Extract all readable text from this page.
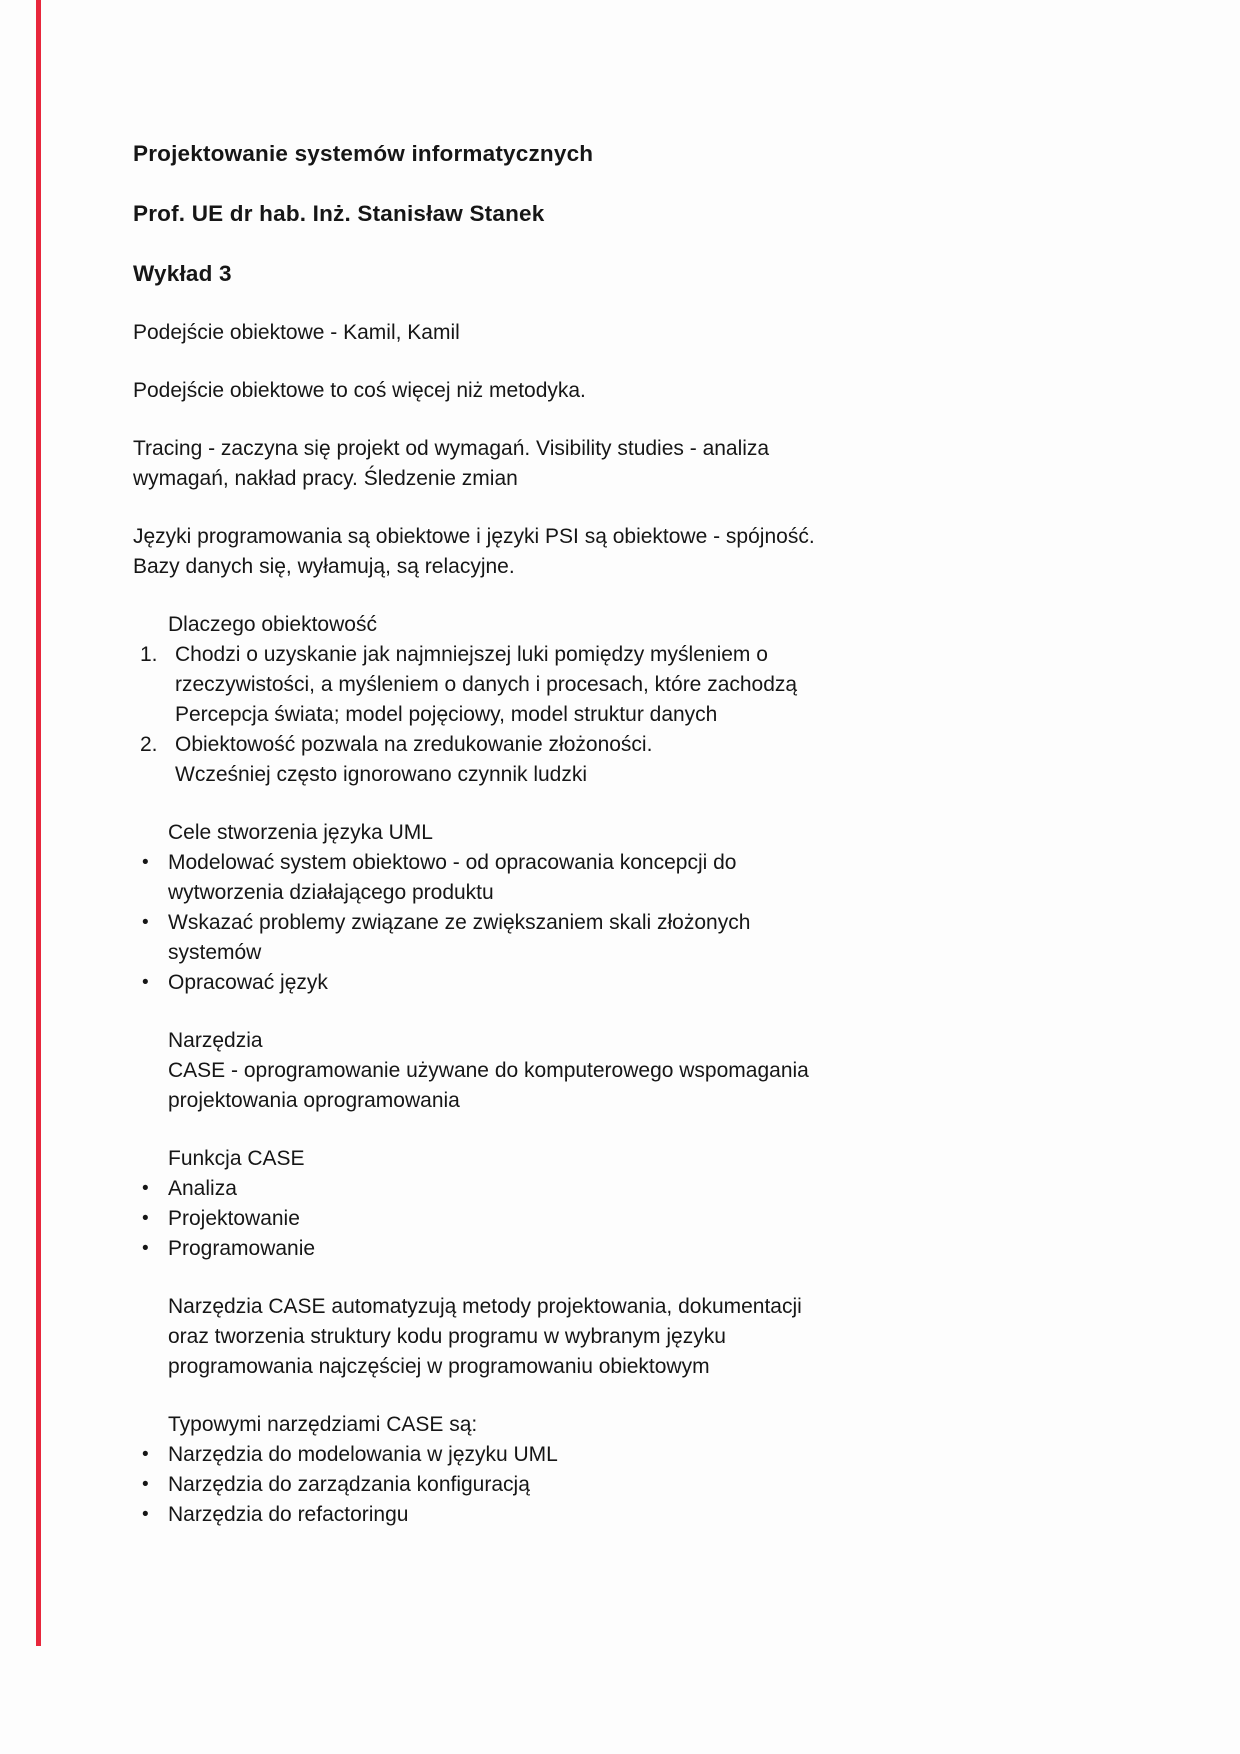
Projektowanie systemów informatycznych
Prof. UE dr hab. Inż. Stanisław Stanek
Wykład 3
Podejście obiektowe - Kamil, Kamil
Podejście obiektowe to coś więcej niż metodyka.
Tracing - zaczyna się projekt od wymagań. Visibility studies - analiza
wymagań, nakład pracy. Śledzenie zmian
Języki programowania są obiektowe i języki PSI są obiektowe - spójność.
Bazy danych się, wyłamują, są relacyjne.
Dlaczego obiektowość
1. Chodzi o uzyskanie jak najmniejszej luki pomiędzy myśleniem o
rzeczywistości, a myśleniem o danych i procesach, które zachodzą
Percepcja świata; model pojęciowy, model struktur danych
2. Obiektowość pozwala na zredukowanie złożoności.
Wcześniej często ignorowano czynnik ludzki
Cele stworzenia języka UML
• Modelować system obiektowo - od opracowania koncepcji do
wytworzenia działającego produktu
• Wskazać problemy związane ze zwiększaniem skali złożonych
systemów
• Opracować język
Narzędzia
CASE - oprogramowanie używane do komputerowego wspomagania
projektowania oprogramowania
Funkcja CASE
• Analiza
• Projektowanie
• Programowanie
Narzędzia CASE automatyzują metody projektowania, dokumentacji
oraz tworzenia struktury kodu programu w wybranym języku
programowania najczęściej w programowaniu obiektowym
Typowymi narzędziami CASE są:
• Narzędzia do modelowania w języku UML
• Narzędzia do zarządzania konfiguracją
• Narzędzia do refactoringu
